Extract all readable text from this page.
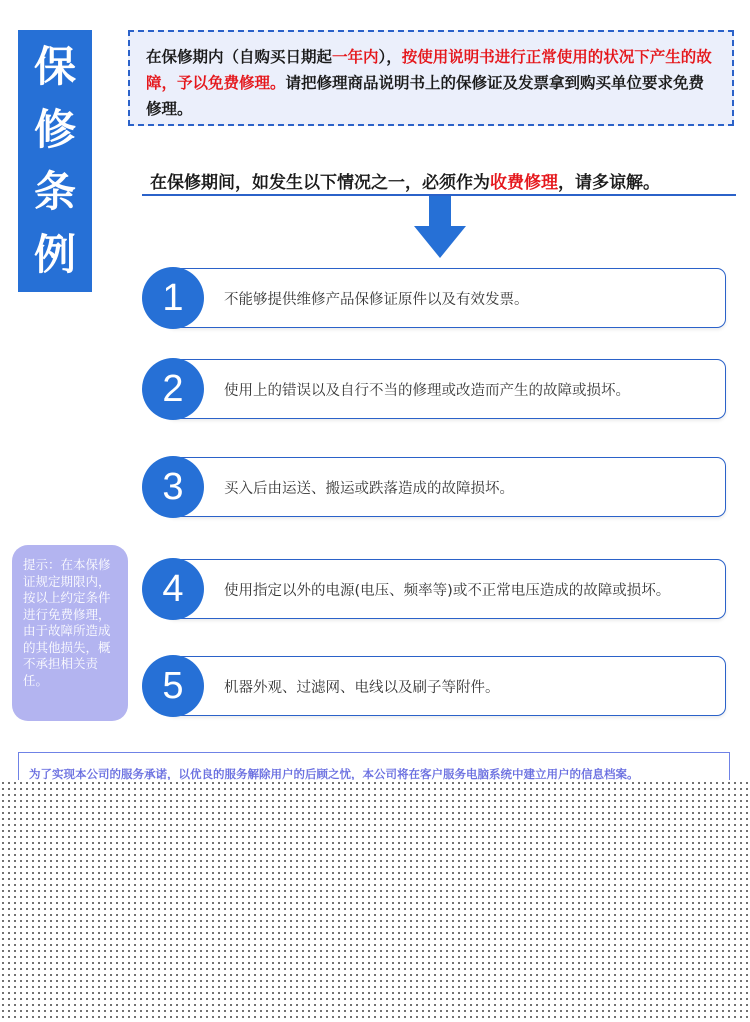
保
修
条
例
在保修期内（自购买日期起一年内），按使用说明书进行正常使用的状况下产生的故障，予以免费修理。请把修理商品说明书上的保修证及发票拿到购买单位要求免费修理。
在保修期间，如发生以下情况之一，必须作为收费修理，请多谅解。
1	不能够提供维修产品保修证原件以及有效发票。
2	使用上的错误以及自行不当的修理或改造而产生的故障或损坏。
3	买入后由运送、搬运或跌落造成的故障损坏。
4	使用指定以外的电源(电压、频率等)或不正常电压造成的故障或损坏。
5	机器外观、过滤网、电线以及刷子等附件。
提示：在本保修证规定期限内，按以上约定条件进行免费修理，由于故障所造成的其他损失，概不承担相关责任。
为了实现本公司的服务承诺，以优良的服务解除用户的后顾之忧，本公司将在客户服务电脑系统中建立用户的信息档案。
